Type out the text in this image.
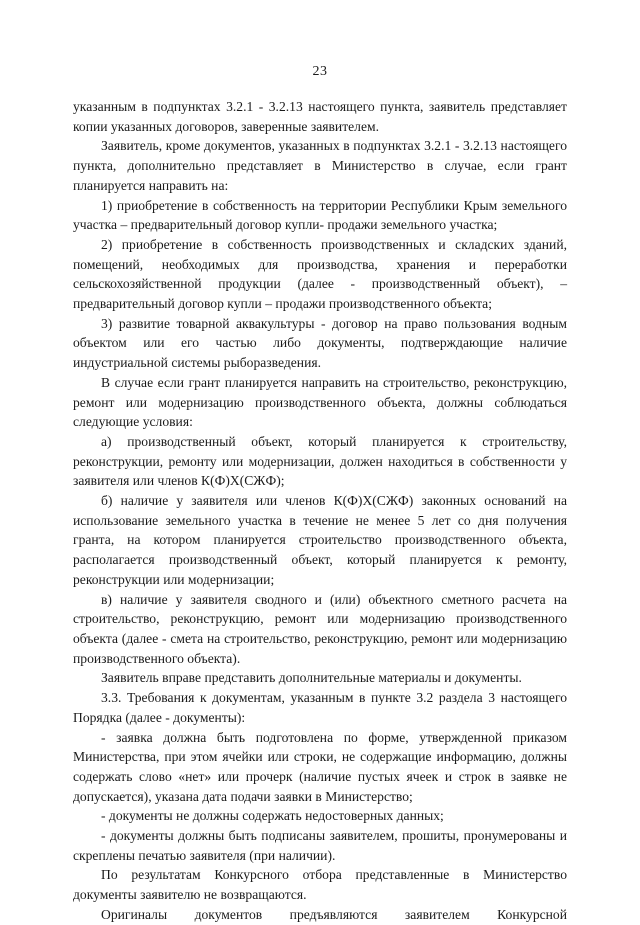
23

указанным в подпунктах 3.2.1 - 3.2.13 настоящего пункта, заявитель представляет копии указанных договоров, заверенные заявителем.

Заявитель, кроме документов, указанных в подпунктах 3.2.1 - 3.2.13 настоящего пункта, дополнительно представляет в Министерство в случае, если грант планируется направить на:

1) приобретение в собственность на территории Республики Крым земельного участка – предварительный договор купли- продажи земельного участка;

2) приобретение в собственность производственных и складских зданий, помещений, необходимых для производства, хранения и переработки сельскохозяйственной продукции (далее - производственный объект), – предварительный договор купли – продажи производственного объекта;

3) развитие товарной аквакультуры - договор на право пользования водным объектом или его частью либо документы, подтверждающие наличие индустриальной системы рыборазведения.

В случае если грант планируется направить на строительство, реконструкцию, ремонт или модернизацию производственного объекта, должны соблюдаться следующие условия:

а) производственный объект, который планируется к строительству, реконструкции, ремонту или модернизации, должен находиться в собственности у заявителя или членов К(Ф)Х(СЖФ);

б) наличие у заявителя или членов К(Ф)Х(СЖФ) законных оснований на использование земельного участка в течение не менее 5 лет со дня получения гранта, на котором планируется строительство производственного объекта, располагается производственный объект, который планируется к ремонту, реконструкции или модернизации;

в) наличие у заявителя сводного и (или) объектного сметного расчета на строительство, реконструкцию, ремонт или модернизацию производственного объекта (далее - смета на строительство, реконструкцию, ремонт или модернизацию производственного объекта).

Заявитель вправе представить дополнительные материалы и документы.

3.3. Требования к документам, указанным в пункте 3.2 раздела 3 настоящего Порядка (далее - документы):

- заявка должна быть подготовлена по форме, утвержденной приказом Министерства, при этом ячейки или строки, не содержащие информацию, должны содержать слово «нет» или прочерк (наличие пустых ячеек и строк в заявке не допускается), указана дата подачи заявки в Министерство;

- документы не должны содержать недостоверных данных;

- документы должны быть подписаны заявителем, прошиты, пронумерованы и скреплены печатью заявителя (при наличии).

По результатам Конкурсного отбора представленные в Министерство документы заявителю не возвращаются.

Оригиналы документов предъявляются заявителем Конкурсной
